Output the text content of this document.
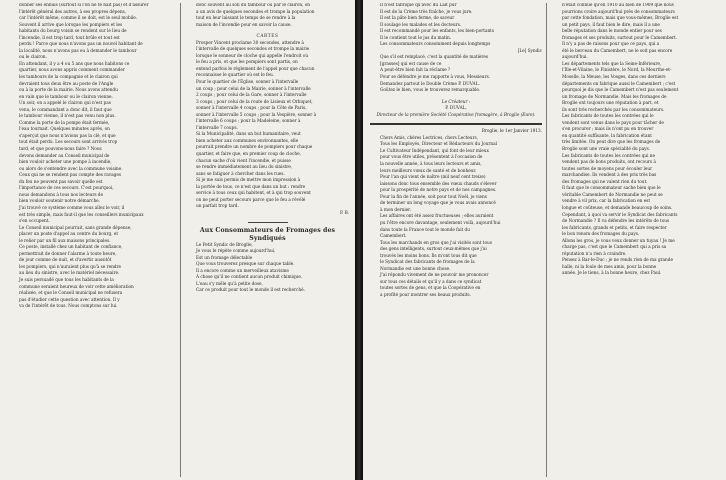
donner ses ennuis (surtout si l'on ne te hait pas) et d'assurer

l'intérêt général des autres, à ses propres dépens,

car l'intérêt même, comme il se doit, est le seul mobile.

Souvent il arrive que lorsque les pompiers et les

habitants du bourg voisin se rendent sur le lieu de

l'incendie, il est trop tard, tout brûle et tout est

perdu ! Parce que nous n'avons pas un nouvel habitant de

la localité, nous n'avons pas eu à demander le tambour

ou le clairon.

En attendant, il y a 4 ou 5 ans que nous habitons ce

quartier, nous avons appris comment commander

les tambours de la compagnie et le clairon qui

devraient tous deux être au poste de l'Angle

ou à la porte de la mairie. Nous avons attendu

en vain que le tambour ou le clairon vienne.

Un soir, on a appelé le clairon qui n'est pas

venu, le commandant a donc dit, il faut que

le tambour vienne, il n'est pas venu non plus.

Comme la porte de la pompe était fermée,

l'eau tournait. Quelques minutes après, on

s'aperçut que nous n'avions pas la clé, et que

tout était perdu. Les secours sont arrivés trop

tard, et que pouvons-nous faire ? Nous

devons demander au Conseil municipal de

bien vouloir acheter une pompe à incendie,

ou alors de s'entendre avec la commune voisine.

Ceux qui ne se rendent pas compte des ravages

du feu ne peuvent pas savoir quelle est

l'importance de ces secours. C'est pourquoi,

nous demandons à tous nos lecteurs de

bien vouloir soutenir notre démarche.

J'ai trouvé ce système comme vous allez le voir, il

est très simple, mais faut-il que les conseillers municipaux

s'en occupent.

Le Conseil municipal pourrait, sans grande dépense,

placer un poste d'appel au centre du bourg, et

le relier par un fil aux maisons principales.

Ce poste, installé chez un habitant de confiance,

permettrait de donner l'alarme à toute heure,

de jour comme de nuit, et d'avertir aussitôt

les pompiers, qui n'auraient plus qu'à se rendre

au lieu du sinistre, avec le matériel nécessaire.

Je suis persuadé que tous les habitants de la

commune seraient heureux de voir cette amélioration

réalisée, et que le Conseil municipal ne refusera

pas d'étudier cette question avec attention. Il y

va de l'intérêt de tous. Nous comptons sur lui.

donc souvent au son du tambour ou par le clairon, on

a un avis de quelques secondes et trompe la population

tout en leur laissant le temps de se rendre à la

maison de l'incendie pour en savoir la cause.

CARTES

Prosper Vincent proclame 30 secondes, attendre à

l'intervalle de quelques secondes et trompe la mairie

lorsque le sonneur de cloche qui appelle l'endroit où

le feu a pris, et que les pompiers sont partis, on

entend parfois le règlement de l'appel pour que chacun

reconnaisse le quartier où est le feu.

Pour le quartier de l'Église, sonner à l'intervalle

un coup ; pour celui de la Mairie, sonner à l'intervalle

2 coups ; pour celui de la Gare, sonner à l'intervalle

3 coups ; pour celui de la route de Lisieux et Orbiquet,

sonner à l'intervalle 4 coups ; pour la Côte de Paris,

sonner à l'intervalle 5 coups ; pour la Vespière, sonner à

l'intervalle 6 coups ; pour la Madeleine, sonner à

l'intervalle 7 coups.

Si la Municipalité, dans un but humanitaire, veut

bien acheter aux communes environnantes, elle

pourrait prendre un nombre de pompiers pour chaque

quartier, et faire que, en premier coup de cloche,

chacun sache d'où vient l'incendie, et puisse

se rendre immédiatement au lieu du sinistre,

sans se fatiguer à chercher dans les rues.

Si je me suis permis de mettre mon impression à

la portée de tous, ce n'est que dans un but : rendre

service à tous ceux qui habitent, et à qui trop souvent

on ne peut porter secours parce que le feu a révélé

un parfait trop tard.

P. B.

Aux Consommateurs de Fromages des Syndiqués

Le Petit Syndic de Broglie,

Je vous le répète comme aujourd'hui,

Est un fromage délectable

Que vous trouverez presque sur chaque table.

Il a encore comme un merveilleux atavisme

À chose qu'il ne contient aucun produit chimique.

L'eau s'y mêle qu'à petite dose,

Car ce produit pour tout le monde il est recherché.

Il n'est fabriqué qu'avec du Lait pur

Il est de la Crème très fraîche, je vous jure.

Il est la pâte bien ferme, de saveur

Il soulage les malades et les docteurs.

Il est recommandé pour les enfants, les bien-portants

Il le contient tout le jus du matin.

Les consommateurs consomment depuis longtemps

[Le] Syndic

Que s'il est remplacé, c'est la quantité de matières

[grasses] qui est cause de ce

A peut-être bien fait la réclame ?

Pour se défendre je me rapporte à vous, Messieurs.

Demandez partout le Double Crème P. DUVAL.

Goûtez le bien, vous le trouverez remarquable.

Le Créateur :

P. DUVAL,

Directeur de la première Société Coopérative fromagère, à Broglie (Eure).

Broglie, le 1er Janvier 1913.

Chers Amis, chères Lectrices, chers Lecteurs,

Tous les Employés, Directeur et Rédacteurs du Journal

Le Cultivateur Indépendant, qui font de leur mieux

pour vous être utiles, présentent à l'occasion de

la nouvelle année, à tous leurs lecteurs et amis,

leurs meilleurs vœux de santé et de bonheur.

Pour l'an qui vient de naître (mil neuf cent treize)

laissons donc tous ensemble des vœux chauds s'élever

pour la prospérité de notre pays et de nos campagnes.

Pour la fin de l'année, soit pour tout Noël, je viens

de terminer un long voyage que je vous avais annoncé

à mon dernier.

Les affaires ont été assez fructueuses ; elles auraient

pu l'être encore davantage, seulement voilà, aujourd'hui

dans toute la France tout le monde fait du

Camembert.

Tous les marchands en gros que j'ai visités sont tous

des gens intelligents, surtout ceux-mêmes que j'ai

trouvés les moins bons. Ils m'ont tous dit que

le Syndicat des fabricants de fromages de la

Normandie est une bonne chose.

J'ai répondu vivement de ne pouvoir me prononcer

sur tous ces détails et qu'il y a dans ce syndicat

toutes sortes de gens, et que la Coopérative en

a profité pour montrer ses beaux produits.

n'était connue qu'en 1910 au bien de 1909 que nous

pourrions croire aujourd'hui près de consommateurs

par cette fondation, mais que vous-mêmes, Broglie est

un petit pays, il faut bien le dire, mais il a une

belle réputation dans le monde entier pour ses

fromages et ses produits, surtout pour le Camembert.

Il n'y a pas de raisons pour que ce pays, qui a

été le berceau du Camembert, ne le soit pas encore

aujourd'hui.

Les départements tels que la Seine-Inférieure,

l'Ille-et-Vilaine, le Finistère, le Nord, la Meurthe-et-

Moselle, la Meuse, les Vosges, dans ces derniers

départements on fabrique aussi le Camembert ; c'est

pourquoi je dis que le Camembert n'est pas seulement

un fromage de Normandie. Mais les fromages de

Broglie ont toujours une réputation à part, et

ils sont très recherchés par les consommateurs.

Les fabricants de toutes les contrées qui le

vendent sont venus dans le pays pour tâcher de

s'en procurer ; mais ils n'ont pu en trouver

en quantité suffisante, la fabrication étant

très limitée. On peut dire que les fromages de

Broglie sont une vraie spécialité du pays.

Les fabricants de toutes les contrées qui ne

vendent pas de bons produits, ont recours à

toutes sortes de moyens pour écouler leur

marchandise. Ils vendent à des prix très bas

des fromages qui ne valent rien du tout.

Il faut que le consommateur sache bien que le

véritable Camembert de Normandie ne peut se

vendre à vil prix, car la fabrication en est

longue et coûteuse, et demande beaucoup de soins.

Cependant, à quoi va servir le Syndicat des fabricants

de Normandie ? Il va défendre les intérêts de tous

les fabricants, grands et petits, et faire respecter

le bon renom des fromages du pays.

Allons les gros, je vous veux donner un tuyau ! Je me

charge pas, c'est que le Camembert qui a pris sa

réputation n'a rien à craindre.

Pensez à Bar-le-Duc ; je ne rends rien de ma grande

halle, ni la foule de mes amis, pour la bonne

année. Je le tiens, à la bonne heure, chez Paul.
